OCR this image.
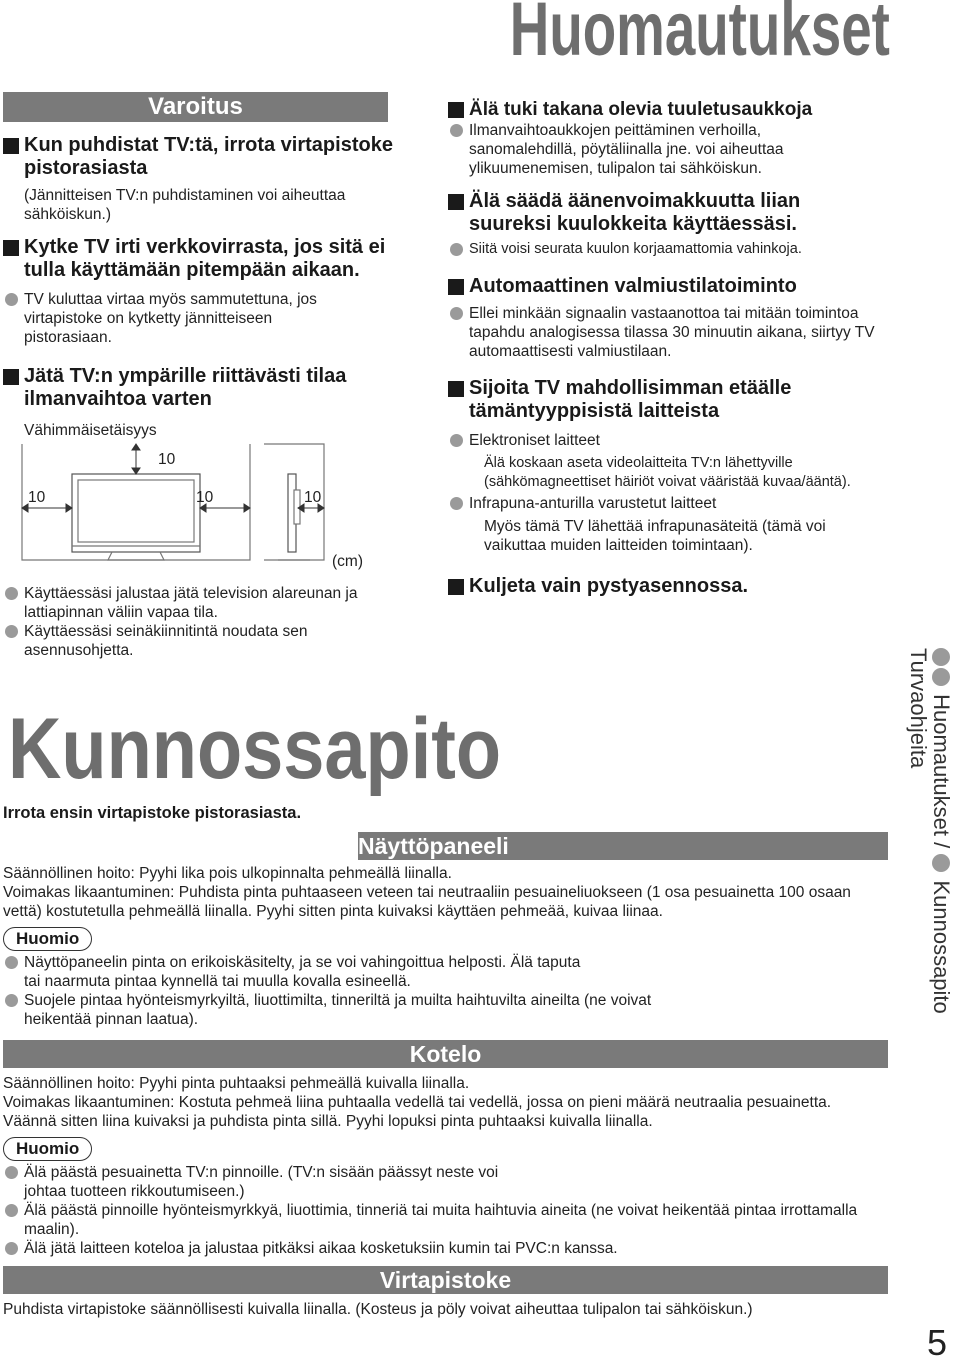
Huomautukset
Varoitus
Kun puhdistat TV:tä, irrota virtapistoke pistorasiasta
(Jännitteisen TV:n puhdistaminen voi aiheuttaa sähköiskun.)
Kytke TV irti verkkovirrasta, jos sitä ei tulla käyttämään pitempään aikaan.
TV kuluttaa virtaa myös sammutettuna, jos virtapistoke on kytketty jännitteiseen pistorasiaan.
Jätä TV:n ympärille riittävästi tilaa ilmanvaihtoa varten
Vähimmäisetäisyys
10
10	10	10
(cm)
Käyttäessäsi jalustaa jätä television alareunan ja lattiapinnan väliin vapaa tila.
Käyttäessäsi seinäkiinnitintä noudata sen asennusohjetta.
Älä tuki takana olevia tuuletusaukkoja
Ilmanvaihtoaukkojen peittäminen verhoilla, sanomalehdillä, pöytäliinalla jne. voi aiheuttaa ylikuumenemisen, tulipalon tai sähköiskun.
Älä säädä äänenvoimakkuutta liian suureksi kuulokkeita käyttäessäsi.
Siitä voisi seurata kuulon korjaamattomia vahinkoja.
Automaattinen valmiustilatoiminto
Ellei minkään signaalin vastaanottoa tai mitään toimintoa tapahdu analogisessa tilassa 30 minuutin aikana, siirtyy TV automaattisesti valmiustilaan.
Sijoita TV mahdollisimman etäälle tämäntyyppisistä laitteista
Elektroniset laitteet
Älä koskaan aseta videolaitteita TV:n lähettyville (sähkömagneettiset häiriöt voivat vääristää kuvaa/ääntä).
Infrapuna-anturilla varustetut laitteet
Myös tämä TV lähettää infrapunasäteitä (tämä voi vaikuttaa muiden laitteiden toimintaan).
Kuljeta vain pystyasennossa.
Kunnossapito
Irrota ensin virtapistoke pistorasiasta.
Näyttöpaneeli
Säännöllinen hoito: Pyyhi lika pois ulkopinnalta pehmeällä liinalla.
Voimakas likaantuminen: Puhdista pinta puhtaaseen veteen tai neutraaliin pesuaineliuokseen (1 osa pesuainetta 100 osaan vettä) kostutetulla pehmeällä liinalla. Pyyhi sitten pinta kuivaksi käyttäen pehmeää, kuivaa liinaa.
Huomio
Näyttöpaneelin pinta on erikoiskäsitelty, ja se voi vahingoittua helposti. Älä taputa tai naarmuta pintaa kynnellä tai muulla kovalla esineellä.
Suojele pintaa hyönteismyrkyiltä, liuottimilta, tinneriltä ja muilta haihtuvilta aineilta (ne voivat heikentää pinnan laatua).
Kotelo
Säännöllinen hoito: Pyyhi pinta puhtaaksi pehmeällä kuivalla liinalla.
Voimakas likaantuminen: Kostuta pehmeä liina puhtaalla vedellä tai vedellä, jossa on pieni määrä neutraalia pesuainetta. Väännä sitten liina kuivaksi ja puhdista pinta sillä. Pyyhi lopuksi pinta puhtaaksi kuivalla liinalla.
Huomio
Älä päästä pesuainetta TV:n pinnoille. (TV:n sisään päässyt neste voi johtaa tuotteen rikkoutumiseen.)
Älä päästä pinnoille hyönteismyrkkyä, liuottimia, tinneriä tai muita haihtuvia aineita (ne voivat heikentää pintaa irrottamalla maalin).
Älä jätä laitteen koteloa ja jalustaa pitkäksi aikaa kosketuksiin kumin tai PVC:n kanssa.
Virtapistoke
Puhdista virtapistoke säännöllisesti kuivalla liinalla. (Kosteus ja pöly voivat aiheuttaa tulipalon tai sähköiskun.)
Huomautukset /  Kunnossapito
Turvaohjeita
5
